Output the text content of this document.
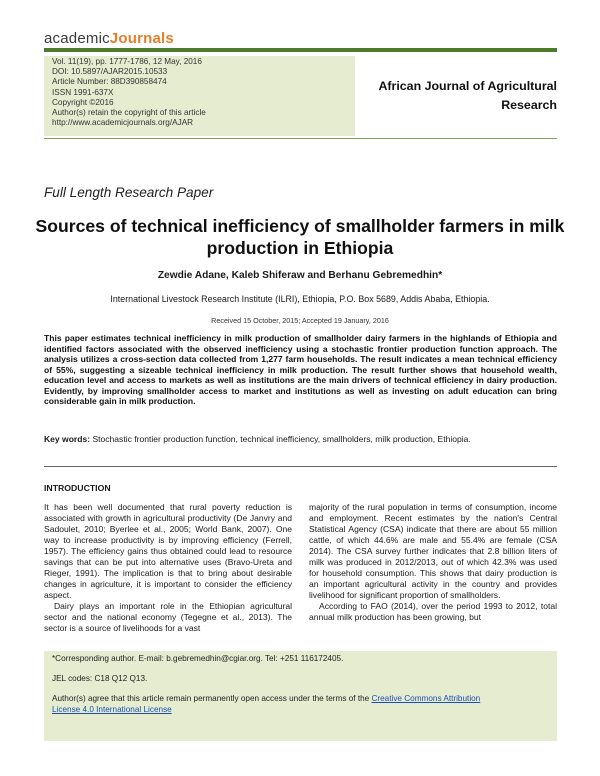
academicJournals
Vol. 11(19), pp. 1777-1786, 12 May, 2016
DOI: 10.5897/AJAR2015.10533
Article Number: 88D390858474
ISSN 1991-637X
Copyright ©2016
Author(s) retain the copyright of this article
http://www.academicjournals.org/AJAR
African Journal of Agricultural
Research
Full Length Research Paper
Sources of technical inefficiency of smallholder farmers in milk production in Ethiopia
Zewdie Adane, Kaleb Shiferaw and Berhanu Gebremedhin*
International Livestock Research Institute (ILRI), Ethiopia, P.O. Box 5689, Addis Ababa, Ethiopia.
Received 15 October, 2015; Accepted 19 January, 2016
This paper estimates technical inefficiency in milk production of smallholder dairy farmers in the highlands of Ethiopia and identified factors associated with the observed inefficiency using a stochastic frontier production function approach. The analysis utilizes a cross-section data collected from 1,277 farm households. The result indicates a mean technical efficiency of 55%, suggesting a sizeable technical inefficiency in milk production. The result further shows that household wealth, education level and access to markets as well as institutions are the main drivers of technical efficiency in dairy production. Evidently, by improving smallholder access to market and institutions as well as investing on adult education can bring considerable gain in milk production.
Key words: Stochastic frontier production function, technical inefficiency, smallholders, milk production, Ethiopia.
INTRODUCTION

It has been well documented that rural poverty reduction is associated with growth in agricultural productivity (De Janvry and Sadoulet, 2010; Byerlee et al., 2005; World Bank, 2007). One way to increase productivity is by improving efficiency (Ferrell, 1957). The efficiency gains thus obtained could lead to resource savings that can be put into alternative uses (Bravo-Ureta and Rieger, 1991). The implication is that to bring about desirable changes in agriculture, it is important to consider the efficiency aspect.

Dairy plays an important role in the Ethiopian agricultural sector and the national economy (Tegegne et al., 2013). The sector is a source of livelihoods for a vast

majority of the rural population in terms of consumption, income and employment. Recent estimates by the nation's Central Statistical Agency (CSA) indicate that there are about 55 million cattle, of which 44.6% are male and 55.4% are female (CSA 2014). The CSA survey further indicates that 2.8 billion liters of milk was produced in 2012/2013, out of which 42.3% was used for household consumption. This shows that dairy production is an important agricultural activity in the country and provides livelihood for significant proportion of smallholders.

According to FAO (2014), over the period 1993 to 2012, total annual milk production has been growing, but

*Corresponding author. E-mail: b.gebremedhin@cgiar.org. Tel: +251 116172405.
JEL codes: C18 Q12 Q13.
Author(s) agree that this article remain permanently open access under the terms of the Creative Commons Attribution
License 4.0 International License
